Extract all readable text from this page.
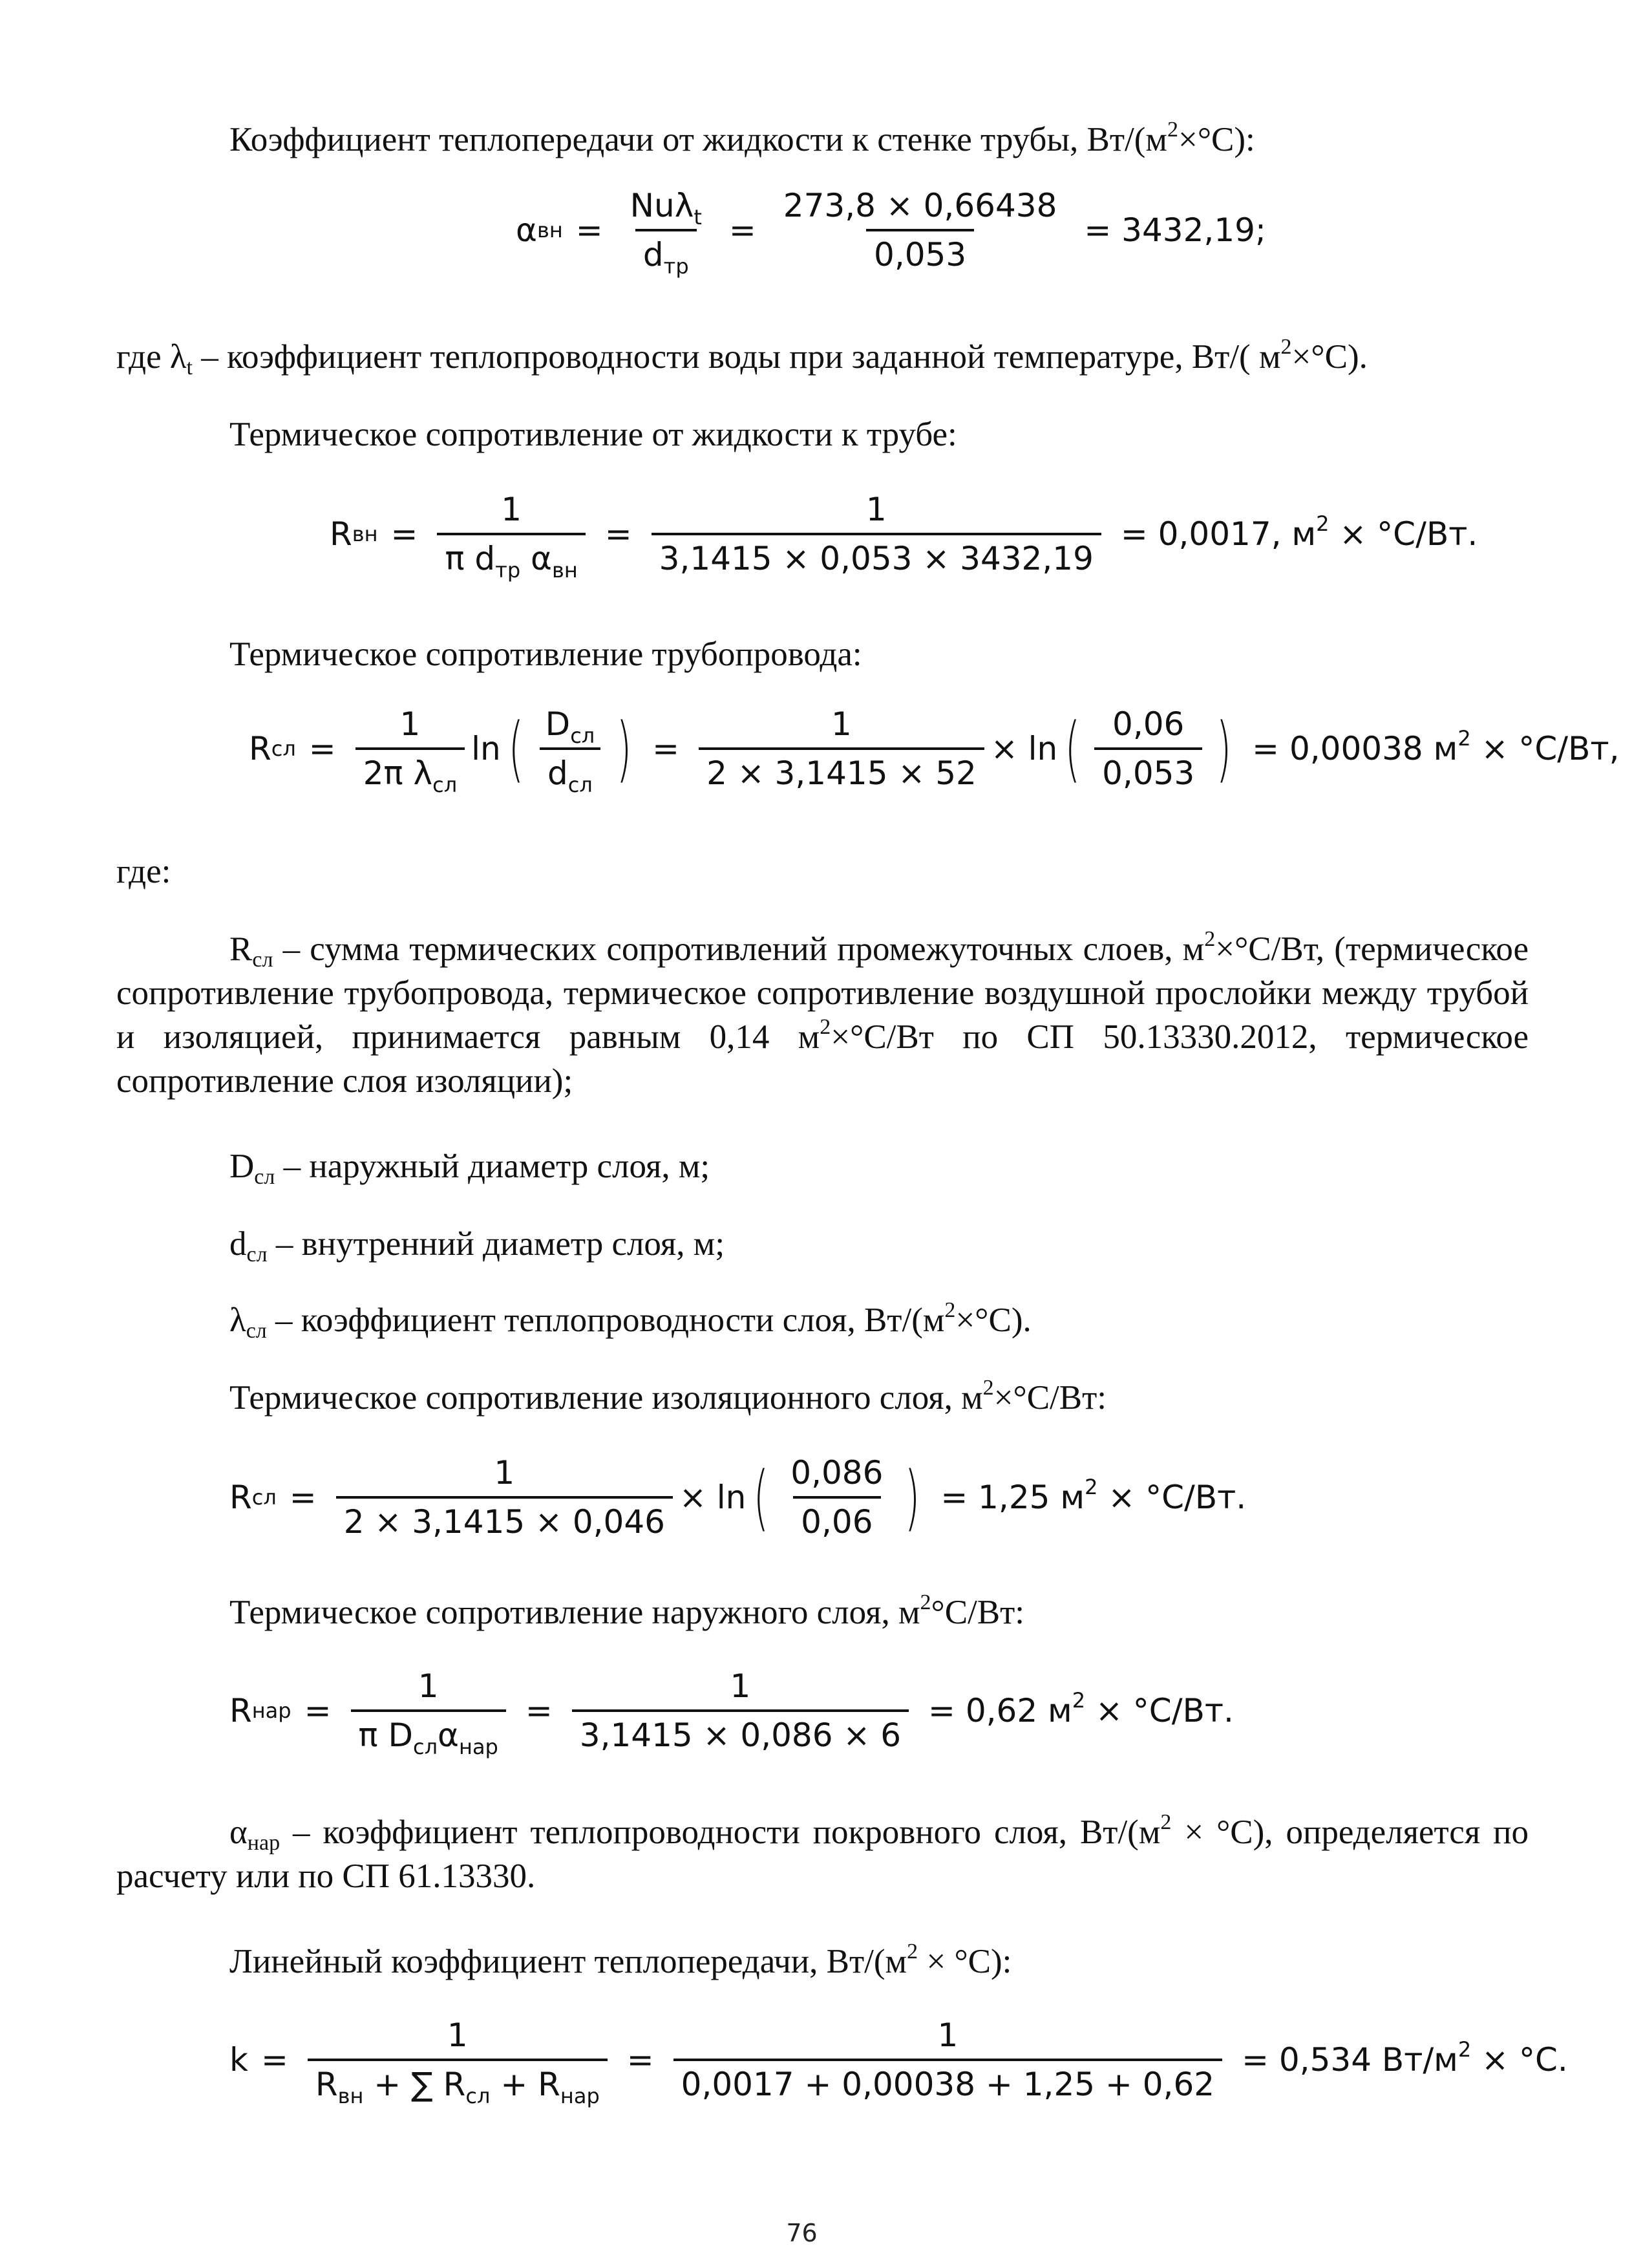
Коэффициент теплопередачи от жидкости к стенке трубы, $Вт/(м^2\times^\circ С)$:

α вн = $\frac{Nu\lambda_t}{d_{тр}} = \frac{273,8 \times 0,66438}{0,053} = 3432,19$;

где $\lambda_t$ – коэффициент теплопроводности воды при заданной температуре, Вт/( $м^2\times^\circ С$).

Термическое сопротивление от жидкости к трубе:

R вн = $\frac{1}{\pi d_{тр} \alpha_{вн}} = \frac{1}{3,1415 \times 0,053 \times 3432,19} = 0,0017$, $м^2 \times ^\circ С/Вт$.

Термическое сопротивление трубопровода:

R сл = $\frac{1}{2\pi \lambda_{сл}}$ ln ( $\frac{D_{сл}}{d_{сл}}$ ) = $\frac{1}{2 \times 3,1415 \times 52} \times \ln$ ( $\frac{0,06}{0,053}$ ) = 0,00038 $м^2 \times ^\circ С/Вт$,

где:

$R_{сл}$ – сумма термических сопротивлений промежуточных слоев, $м^2\times^\circ С/Вт$, (термическое сопротивление трубопровода, термическое сопротивление воздушной прослойки между трубой и изоляцией, принимается равным 0,14 $м^2\times^\circ С/Вт$ по СП 50.13330.2012, термическое сопротивление слоя изоляции);

$D_{сл}$ – наружный диаметр слоя, м;

$d_{сл}$ – внутренний диаметр слоя, м;

$\lambda_{сл}$ – коэффициент теплопроводности слоя, $Вт/(м^2\times^\circ С)$.

Термическое сопротивление изоляционного слоя, $м^2\times^\circ С/Вт$:

R сл = $\frac{1}{2 \times 3,1415 \times 0,046} \times \ln$ ( $\frac{0,086}{0,06}$ ) = 1,25 $м^2 \times ^\circ С/Вт$.

Термическое сопротивление наружного слоя, $м^2^\circ С/Вт$:

R нар = $\frac{1}{\pi D_{сл}\alpha_{нар}} = \frac{1}{3,1415 \times 0,086 \times 6} = 0,62$ $м^2 \times ^\circ С/Вт$.

$\alpha_{нар}$ – коэффициент теплопроводности покровного слоя, $Вт/(м^2 \times ^\circ С)$, определяется по расчету или по СП 61.13330.

Линейный коэффициент теплопередачи, $Вт/(м^2 \times ^\circ С)$:

$k = \frac{1}{R_{вн} + \sum R_{сл} + R_{нар}} = \frac{1}{0,0017 + 0,00038 + 1,25 + 0,62} = 0,534$ $Вт/м^2 \times ^\circ С$.
76
